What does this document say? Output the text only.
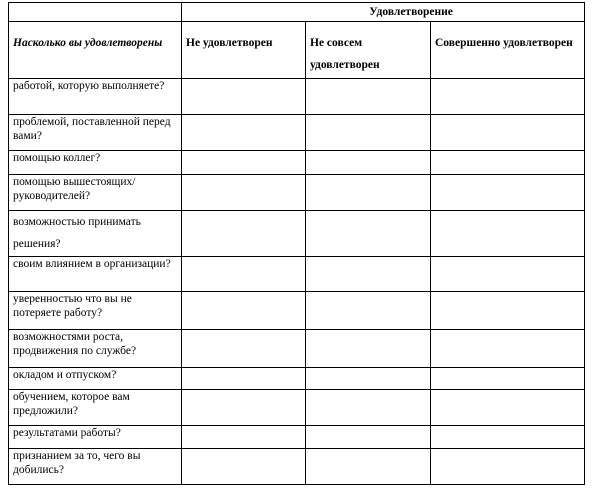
	Удовлетворение		
Насколько вы удовлетворены	Не удовлетворен	Не совсем удовлетворен	Совершенно удовлетворен
работой, которую выполняете?			
проблемой, поставленной перед вами?			
помощью коллег?			
помощью вышестоящих/ руководителей?			
возможностью принимать решения?			
своим влиянием в организации?			
уверенностью что вы не потеряете работу?			
возможностями роста, продвижения по службе?			
окладом и отпуском?			
обучением, которое вам предложили?			
результатами работы?			
признанием за то, чего вы добились?			
